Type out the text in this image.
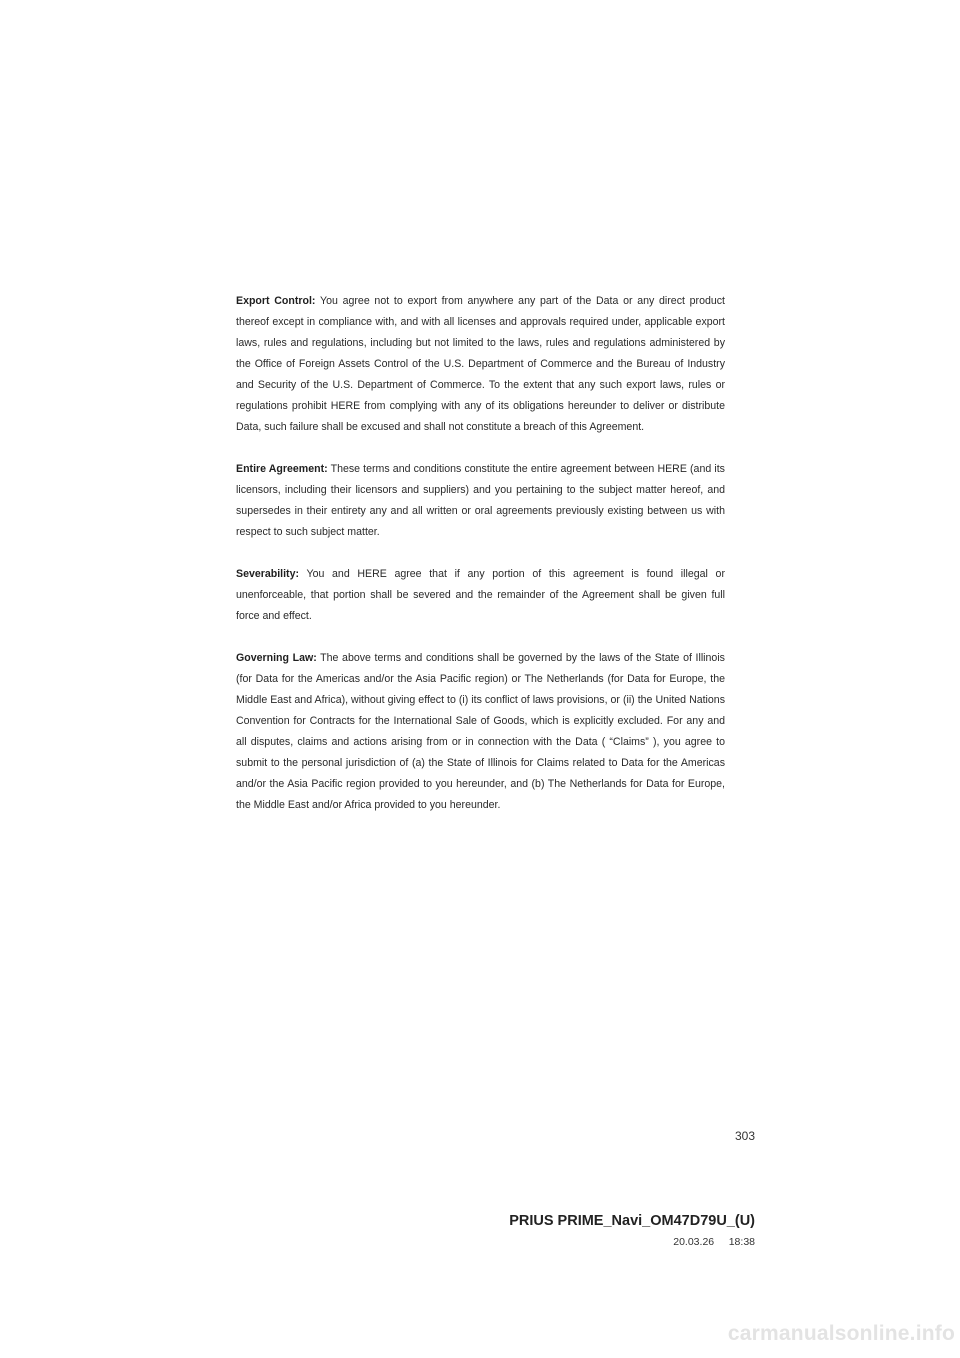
Export Control: You agree not to export from anywhere any part of the Data or any direct product thereof except in compliance with, and with all licenses and approvals required under, applicable export laws, rules and regulations, including but not limited to the laws, rules and regulations administered by the Office of Foreign Assets Control of the U.S. Department of Commerce and the Bureau of Industry and Security of the U.S. Department of Commerce. To the extent that any such export laws, rules or regulations prohibit HERE from complying with any of its obligations hereunder to deliver or distribute Data, such failure shall be excused and shall not constitute a breach of this Agreement.

Entire Agreement: These terms and conditions constitute the entire agreement between HERE (and its licensors, including their licensors and suppliers) and you pertaining to the subject matter hereof, and supersedes in their entirety any and all written or oral agreements previously existing between us with respect to such subject matter.

Severability: You and HERE agree that if any portion of this agreement is found illegal or unenforceable, that portion shall be severed and the remainder of the Agreement shall be given full force and effect.

Governing Law: The above terms and conditions shall be governed by the laws of the State of Illinois (for Data for the Americas and/or the Asia Pacific region) or The Netherlands (for Data for Europe, the Middle East and Africa), without giving effect to (i) its conflict of laws provisions, or (ii) the United Nations Convention for Contracts for the International Sale of Goods, which is explicitly excluded. For any and all disputes, claims and actions arising from or in connection with the Data ( “Claims” ), you agree to submit to the personal jurisdiction of (a) the State of Illinois for Claims related to Data for the Americas and/or the Asia Pacific region provided to you hereunder, and (b) The Netherlands for Data for Europe, the Middle East and/or Africa provided to you hereunder.

303
PRIUS PRIME_Navi_OM47D79U_(U)
20.03.26 18:38
carmanualsonline.info
